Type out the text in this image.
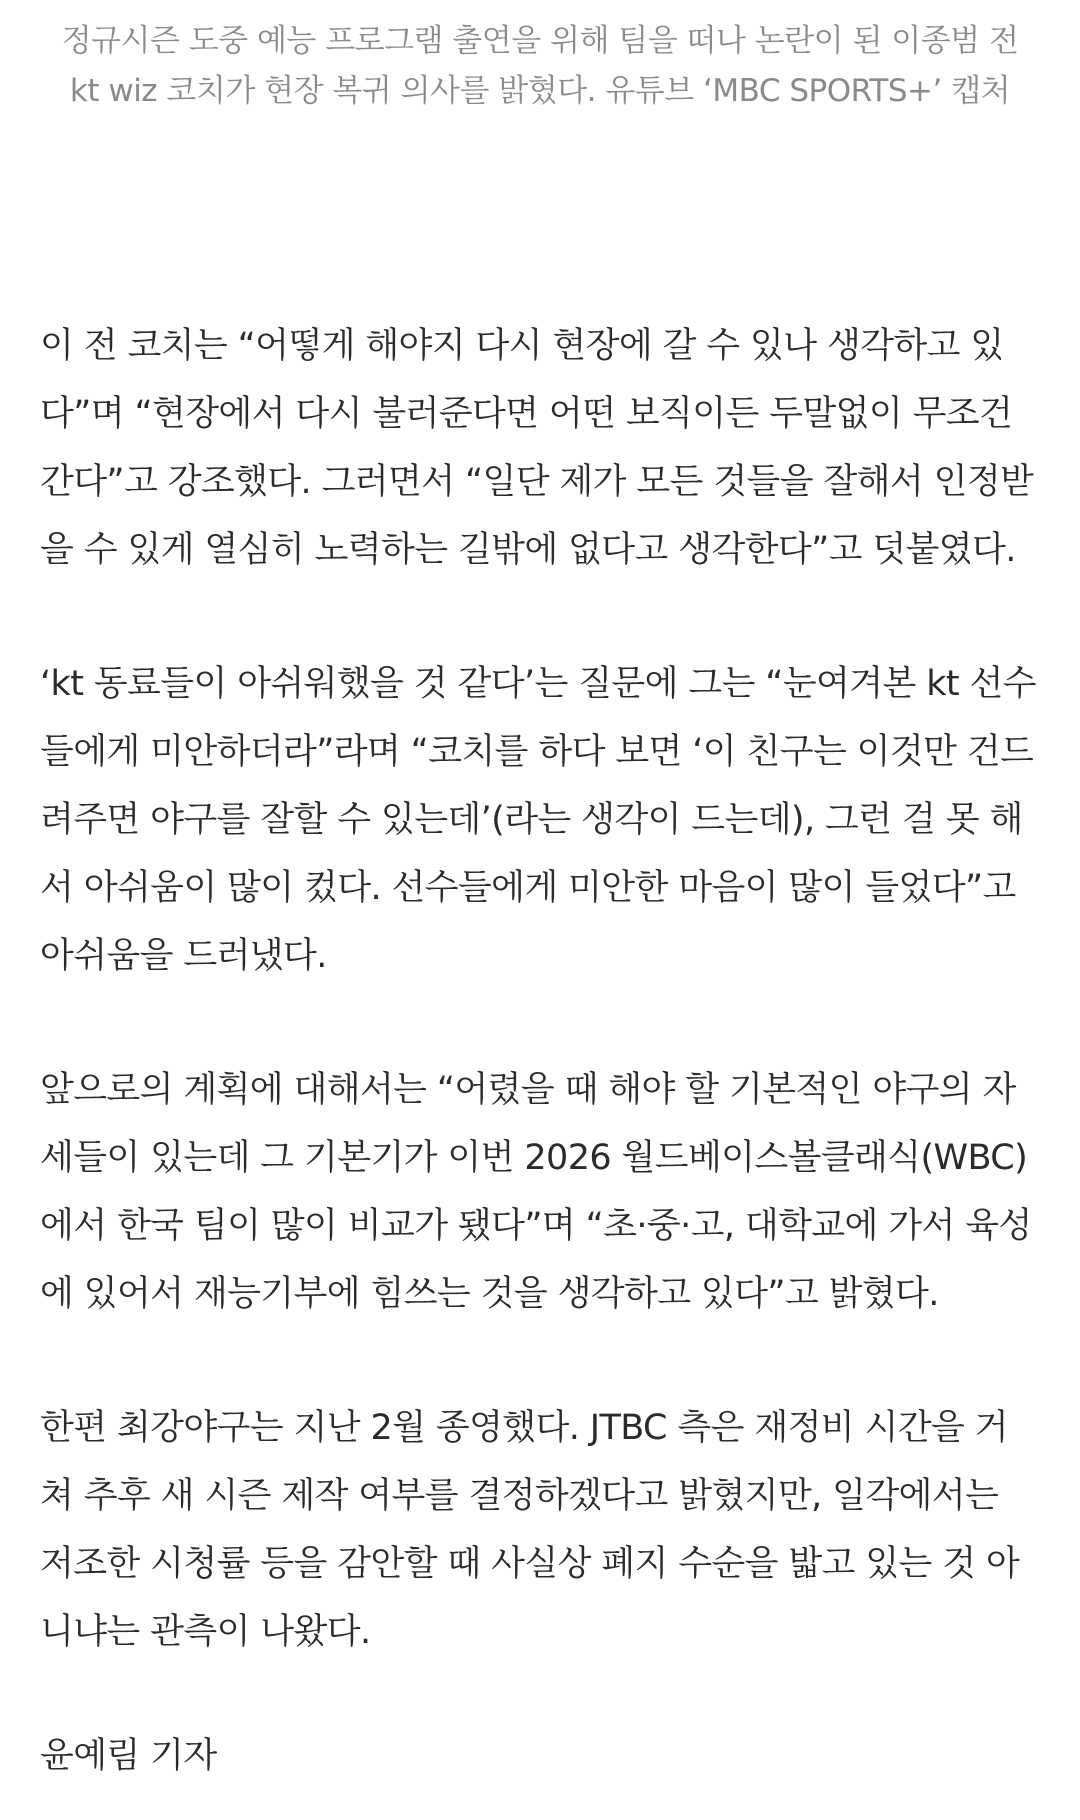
정규시즌 도중 예능 프로그램 출연을 위해 팀을 떠나 논란이 된 이종범 전
kt wiz 코치가 현장 복귀 의사를 밝혔다. 유튜브 ‘MBC SPORTS+’ 캡처

이 전 코치는 “어떻게 해야지 다시 현장에 갈 수 있나 생각하고 있
다”며 “현장에서 다시 불러준다면 어떤 보직이든 두말없이 무조건
간다”고 강조했다. 그러면서 “일단 제가 모든 것들을 잘해서 인정받
을 수 있게 열심히 노력하는 길밖에 없다고 생각한다”고 덧붙였다.

‘kt 동료들이 아쉬워했을 것 같다’는 질문에 그는 “눈여겨본 kt 선수
들에게 미안하더라”라며 “코치를 하다 보면 ‘이 친구는 이것만 건드
려주면 야구를 잘할 수 있는데’(라는 생각이 드는데), 그런 걸 못 해
서 아쉬움이 많이 컸다. 선수들에게 미안한 마음이 많이 들었다”고
아쉬움을 드러냈다.

앞으로의 계획에 대해서는 “어렸을 때 해야 할 기본적인 야구의 자
세들이 있는데 그 기본기가 이번 2026 월드베이스볼클래식(WBC)
에서 한국 팀이 많이 비교가 됐다”며 “초·중·고, 대학교에 가서 육성
에 있어서 재능기부에 힘쓰는 것을 생각하고 있다”고 밝혔다.

한편 최강야구는 지난 2월 종영했다. JTBC 측은 재정비 시간을 거
쳐 추후 새 시즌 제작 여부를 결정하겠다고 밝혔지만, 일각에서는
저조한 시청률 등을 감안할 때 사실상 폐지 수순을 밟고 있는 것 아
니냐는 관측이 나왔다.

윤예림 기자
